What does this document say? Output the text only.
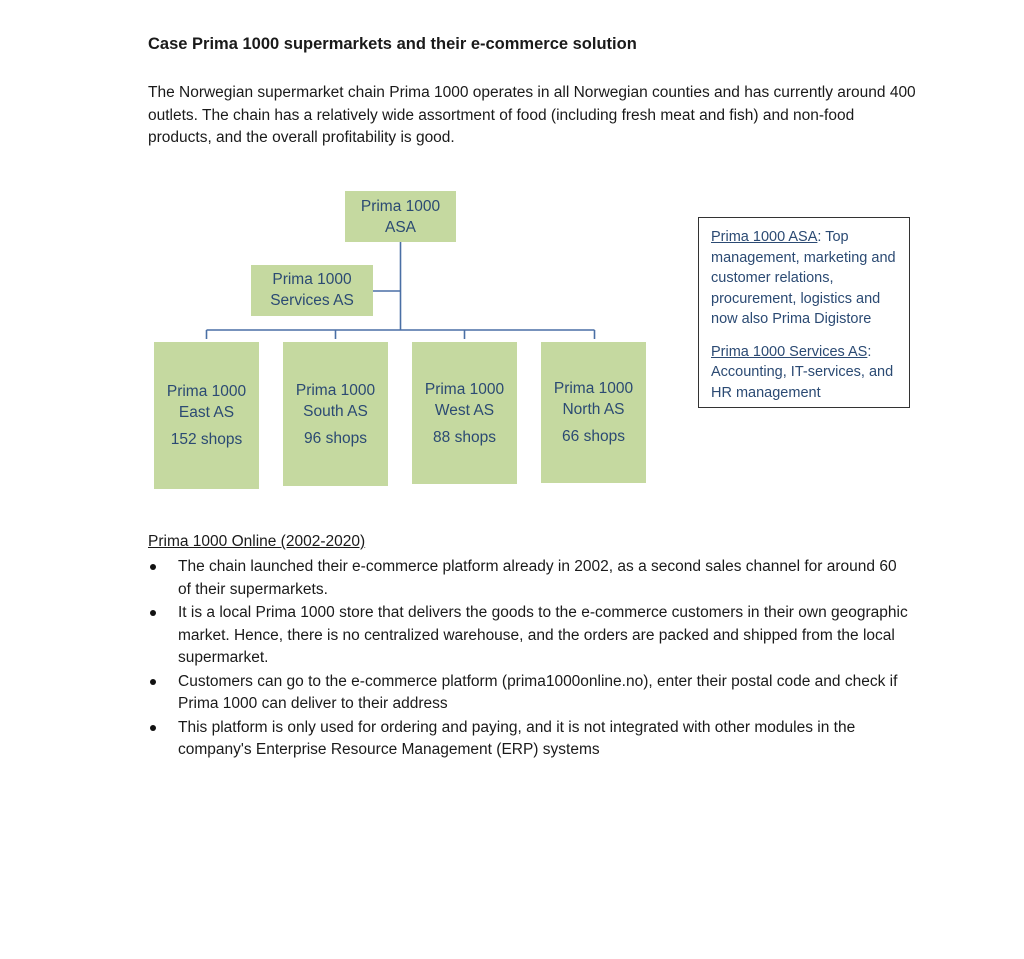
Case Prima 1000 supermarkets and their e-commerce solution

The Norwegian supermarket chain Prima 1000 operates in all Norwegian counties and has currently around 400 outlets. The chain has a relatively wide assortment of food (including fresh meat and fish) and non-food products, and the overall profitability is good.

Prima 1000
ASA
Prima 1000
Services AS
Prima 1000
East AS
152 shops
Prima 1000
South AS
96 shops
Prima 1000
West AS
88 shops
Prima 1000
North AS
66 shops

Prima 1000 ASA: Top management, marketing and customer relations, procurement, logistics and now also Prima Digistore

Prima 1000 Services AS: Accounting, IT-services, and HR management

Prima 1000 Online (2002-2020)

The chain launched their e-commerce platform already in 2002, as a second sales channel for around 60 of their supermarkets.
It is a local Prima 1000 store that delivers the goods to the e-commerce customers in their own geographic market. Hence, there is no centralized warehouse, and the orders are packed and shipped from the local supermarket.
Customers can go to the e-commerce platform (prima1000online.no), enter their postal code and check if Prima 1000 can deliver to their address
This platform is only used for ordering and paying, and it is not integrated with other modules in the company's Enterprise Resource Management (ERP) systems
